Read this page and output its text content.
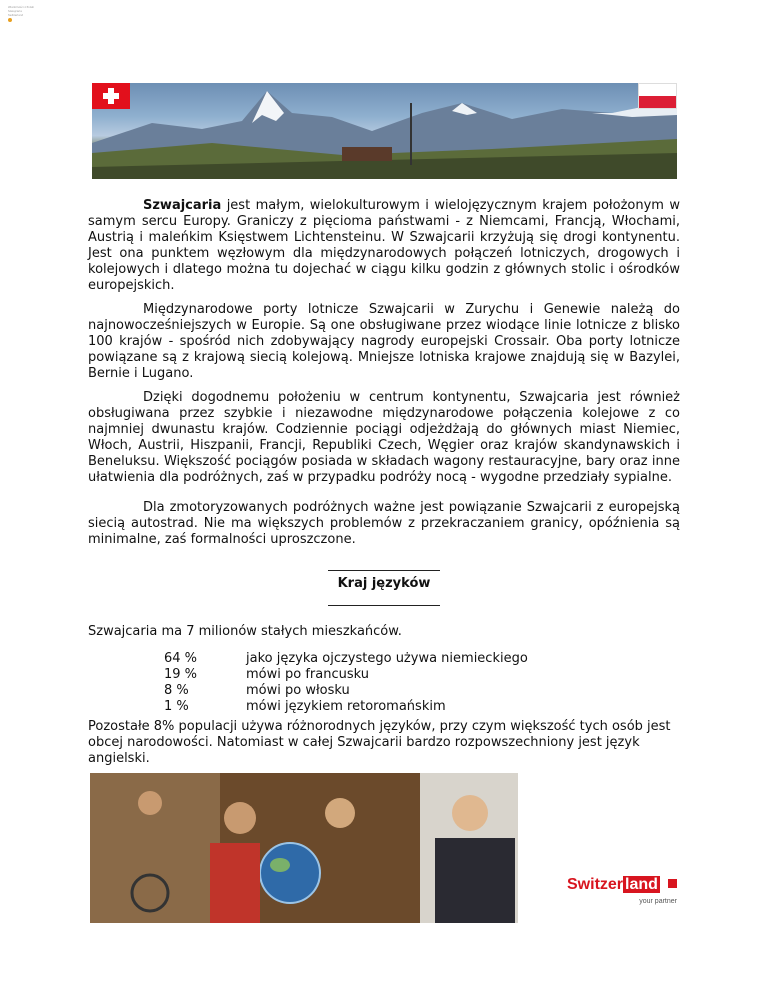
Wiadomości z Polski
Szwajcaria
Switzerland
Szwajcaria jest małym, wielokulturowym i wielojęzycznym krajem położonym w samym sercu Europy. Graniczy z pięcioma państwami - z Niemcami, Francją, Włochami, Austrią i maleńkim Księstwem Lichtensteinu. W Szwajcarii krzyżują się drogi kontynentu. Jest ona punktem węzłowym dla międzynarodowych połączeń lotniczych, drogowych i kolejowych i dlatego można tu dojechać w ciągu kilku godzin z głównych stolic i ośrodków europejskich.
Międzynarodowe porty lotnicze Szwajcarii w Zurychu i Genewie należą do najnowocześniejszych w Europie. Są one obsługiwane przez wiodące linie lotnicze z blisko 100 krajów - spośród nich zdobywający nagrody europejski Crossair. Oba porty lotnicze powiązane są z krajową siecią kolejową. Mniejsze lotniska krajowe znajdują się w Bazylei, Bernie i Lugano.
Dzięki dogodnemu położeniu w centrum kontynentu, Szwajcaria jest również obsługiwana przez szybkie i niezawodne międzynarodowe połączenia kolejowe z co najmniej dwunastu krajów. Codziennie pociągi odjeżdżają do głównych miast Niemiec, Włoch, Austrii, Hiszpanii, Francji, Republiki Czech, Węgier oraz krajów skandynawskich i Beneluksu. Większość pociągów posiada w składach wagony restauracyjne, bary oraz inne ułatwienia dla podróżnych, zaś w przypadku podróży nocą - wygodne przedziały sypialne.
Dla zmotoryzowanych podróżnych ważne jest powiązanie Szwajcarii z europejską siecią autostrad. Nie ma większych problemów z przekraczaniem granicy, opóźnienia są minimalne, zaś formalności uproszczone.
Kraj języków
Szwajcaria ma 7 milionów stałych mieszkańców.
64 %	jako języka ojczystego używa niemieckiego
19 %	mówi po francusku
8 %	mówi po włosku
1 %	mówi językiem retoromańskim
Pozostałe 8% populacji używa różnorodnych języków, przy czym większość tych osób jest obcej narodowości. Natomiast w całej Szwajcarii bardzo rozpowszechniony jest język angielski.
Switzer land
your partner
